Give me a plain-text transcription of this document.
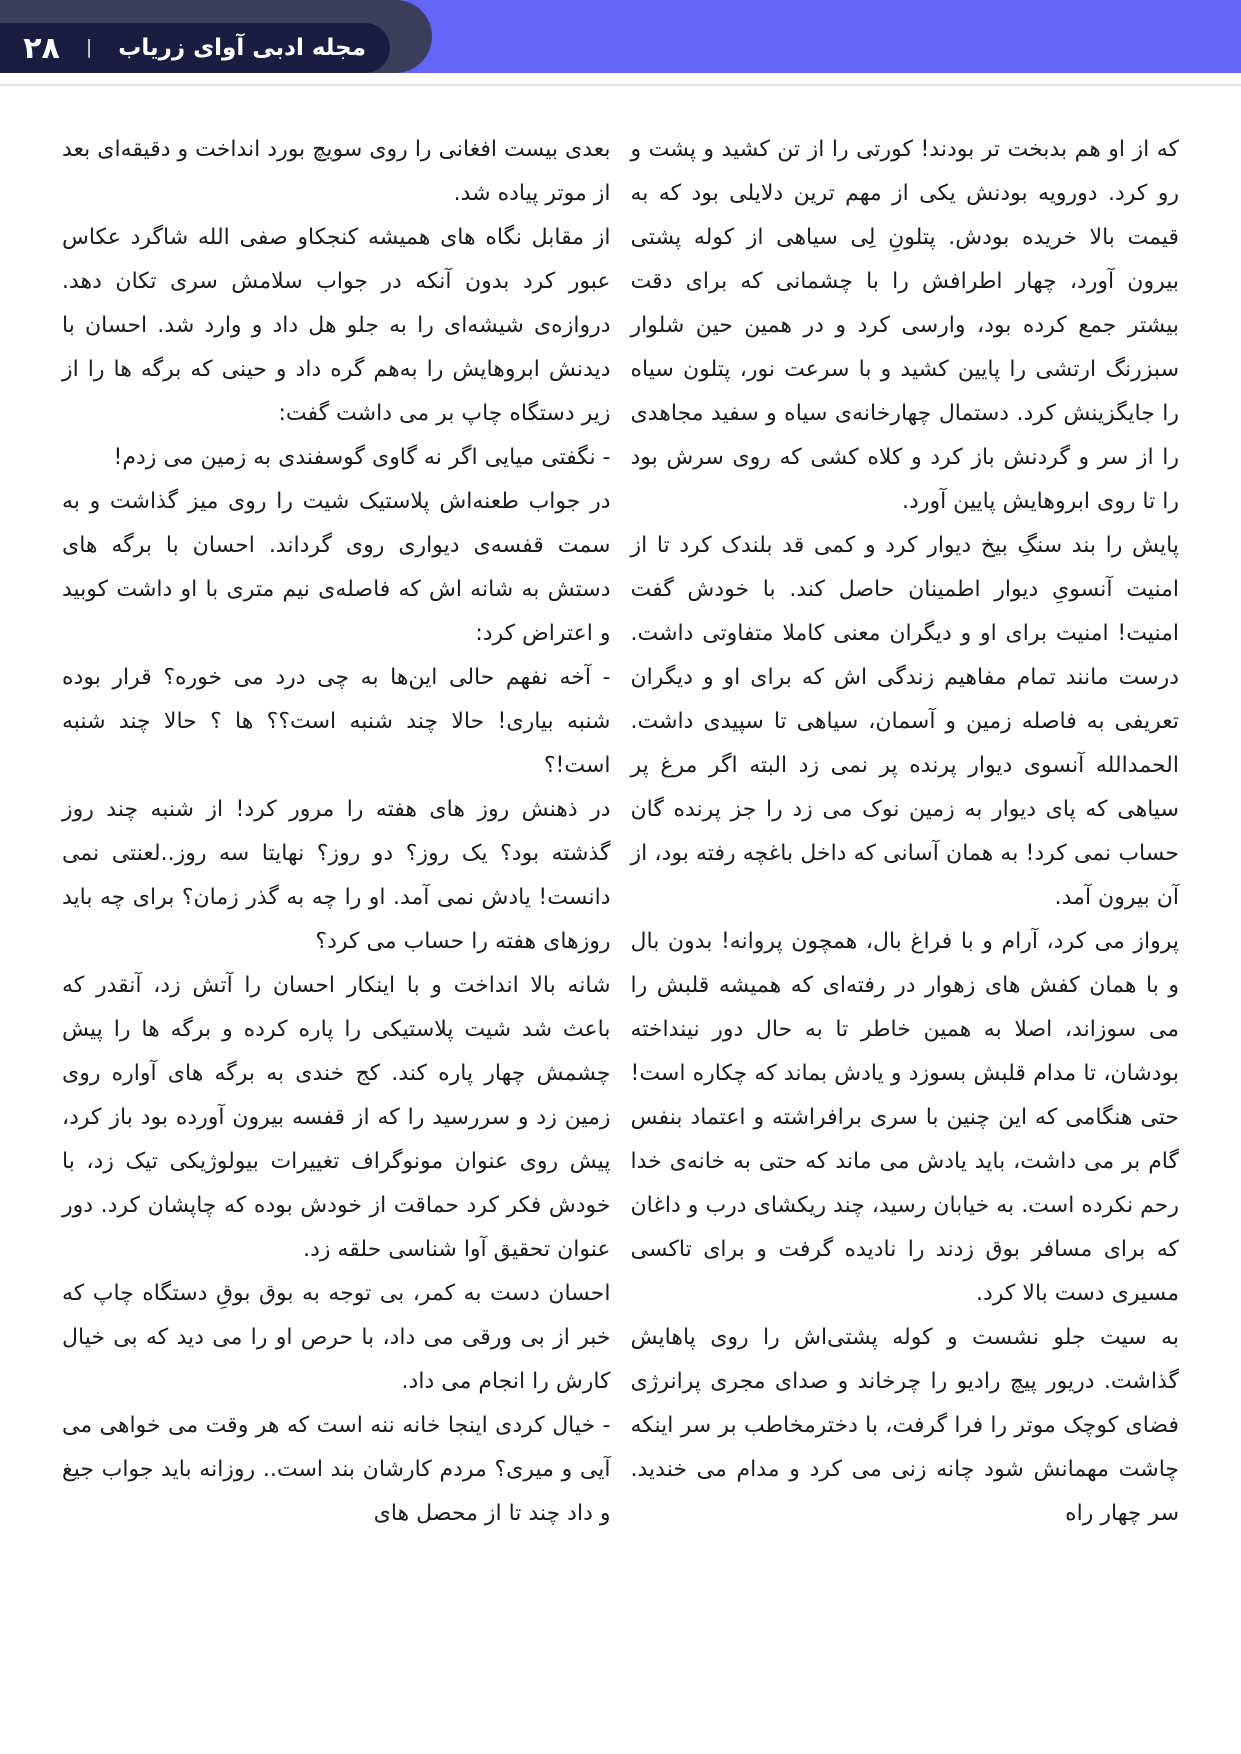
مجله ادبی آوای زریاب
|
۲۸

که از او هم بدبخت تر بودند! کورتی را از تن کشید و پشت و رو کرد. دورویه بودنش یکی از مهم ترین دلایلی بود که به قیمت بالا خریده بودش. پتلونِ لِی سیاهی از کوله پشتی بیرون آورد، چهار اطرافش را با چشمانی که برای دقت بیشتر جمع کرده بود، وارسی کرد و در همین حین شلوار سبزرنگ ارتشی را پایین کشید و با سرعت نور، پتلون سیاه را جایگزینش کرد. دستمال چهارخانه‌ی سیاه و سفید مجاهدی را از سر و گردنش باز کرد و کلاه کشی که روی سرش بود را تا روی ابروهایش پایین آورد.

پایش را بند سنگِ بیخ دیوار کرد و کمی قد بلندک کرد تا از امنیت آنسویِ دیوار اطمینان حاصل کند. با خودش گفت امنیت! امنیت برای او و دیگران معنی کاملا متفاوتی داشت. درست مانند تمام مفاهیم زندگی اش که برای او و دیگران تعریفی به فاصله زمین و آسمان، سیاهی تا سپیدی داشت. الحمدالله آنسوی دیوار پرنده پر نمی زد البته اگر مرغ پر سیاهی که پای دیوار به زمین نوک می زد را جز پرنده گان حساب نمی کرد! به همان آسانی که داخل باغچه رفته بود، از آن بیرون آمد.

پرواز می کرد، آرام و با فراغ بال، همچون پروانه! بدون بال و با همان کفش های زهوار در رفته‌ای که همیشه قلبش را می سوزاند، اصلا به همین خاطر تا به حال دور نینداخته بودشان، تا مدام قلبش بسوزد و یادش بماند که چکاره است! حتی هنگامی که این چنین با سری برافراشته و اعتماد بنفس گام بر می داشت، باید یادش می ماند که حتی به خانه‌ی خدا رحم نکرده است. به خیابان رسید، چند ریکشای درب و داغان که برای مسافر بوق زدند را نادیده گرفت و برای تاکسی مسیری دست بالا کرد.

به سیت جلو نشست و کوله پشتی‌اش را روی پاهایش گذاشت. دریور پیچ رادیو را چرخاند و صدای مجری پرانرژی فضای کوچک موتر را فرا گرفت، با دخترمخاطب بر سر اینکه چاشت مهمانش شود چانه زنی می کرد و مدام می خندید. سر چهار راه

بعدی بیست افغانی را روی سویچ بورد انداخت و دقیقه‌ای بعد از موتر پیاده شد.

از مقابل نگاه های همیشه کنجکاو صفی الله شاگرد عکاس عبور کرد بدون آنکه در جواب سلامش سری تکان دهد. دروازه‌ی شیشه‌ای را به جلو هل داد و وارد شد. احسان با دیدنش ابروهایش را به‌هم گره داد و حینی که برگه ها را از زیر دستگاه چاپ بر می داشت گفت:

- نگفتی میایی اگر نه گاوی گوسفندی به زمین می زدم!

در جواب طعنه‌اش پلاستیک شیت را روی میز گذاشت و به سمت قفسه‌ی دیواری روی گرداند. احسان با برگه های دستش به شانه اش که فاصله‌ی نیم متری با او داشت کوبید و اعتراض کرد:

- آخه نفهم حالی این‌ها به چی درد می خوره؟ قرار بوده شنبه بیاری! حالا چند شنبه است؟؟ ها ؟ حالا چند شنبه است!؟

در ذهنش روز های هفته را مرور کرد! از شنبه چند روز گذشته بود؟ یک روز؟ دو روز؟ نهایتا سه روز..لعنتی نمی دانست! یادش نمی آمد. او را چه به گذر زمان؟ برای چه باید روزهای هفته را حساب می کرد؟

شانه بالا انداخت و با اینکار احسان را آتش زد، آنقدر که باعث شد شیت پلاستیکی را پاره کرده و برگه ها را پیش چشمش چهار پاره کند. کج خندی به برگه های آواره روی زمین زد و سررسید را که از قفسه بیرون آورده بود باز کرد، پیش روی عنوان مونوگراف تغییرات بیولوژیکی تیک زد، با خودش فکر کرد حماقت از خودش بوده که چاپشان کرد. دور عنوان تحقیق آوا شناسی حلقه زد.

احسان دست به کمر، بی توجه به بوق بوقِ دستگاه چاپ که خبر از بی ورقی می داد، با حرص او را می دید که بی خیال کارش را انجام می داد.

- خیال کردی اینجا خانه ننه است که هر وقت می خواهی می آیی و میری؟ مردم کارشان بند است.. روزانه باید جواب جیغ و داد چند تا از محصل های
